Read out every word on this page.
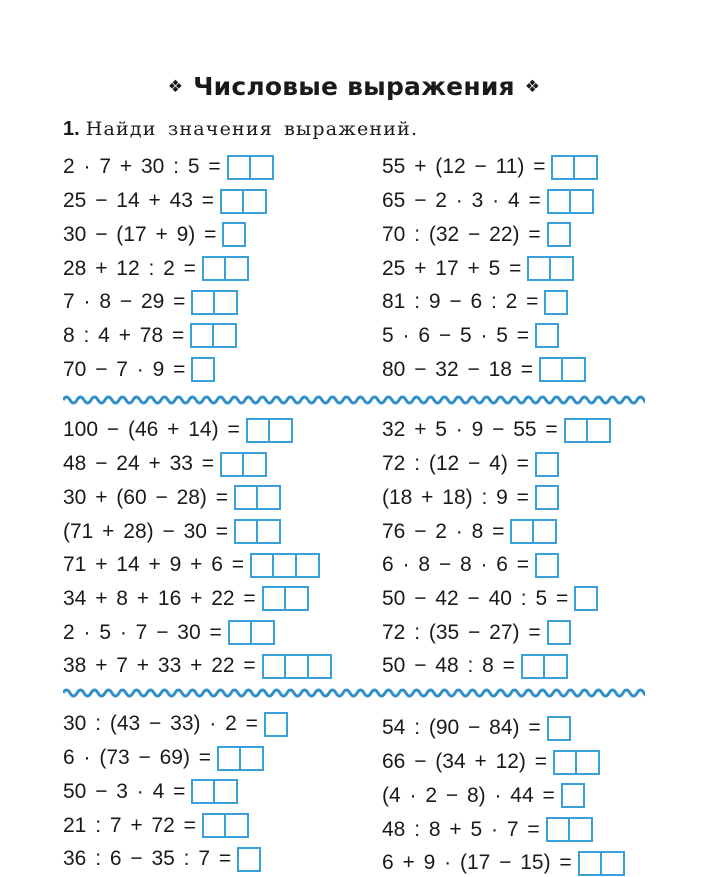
❖ Числовые выражения ❖
1. Найди значения выражений.
2 · 7 + 30 : 5 =
25 − 14 + 43 =
30 − (17 + 9) =
28 + 12 : 2 =
7 · 8 − 29 =
8 : 4 + 78 =
70 − 7 · 9 =
55 + (12 − 11) =
65 − 2 · 3 · 4 =
70 : (32 − 22) =
25 + 17 + 5 =
81 : 9 − 6 : 2 =
5 · 6 − 5 · 5 =
80 − 32 − 18 =
100 − (46 + 14) =
48 − 24 + 33 =
30 + (60 − 28) =
(71 + 28) − 30 =
71 + 14 + 9 + 6 =
34 + 8 + 16 + 22 =
2 · 5 · 7 − 30 =
38 + 7 + 33 + 22 =
32 + 5 · 9 − 55 =
72 : (12 − 4) =
(18 + 18) : 9 =
76 − 2 · 8 =
6 · 8 − 8 · 6 =
50 − 42 − 40 : 5 =
72 : (35 − 27) =
50 − 48 : 8 =
30 : (43 − 33) · 2 =
6 · (73 − 69) =
50 − 3 · 4 =
21 : 7 + 72 =
36 : 6 − 35 : 7 =
54 : (90 − 84) =
66 − (34 + 12) =
(4 · 2 − 8) · 44 =
48 : 8 + 5 · 7 =
6 + 9 · (17 − 15) =
